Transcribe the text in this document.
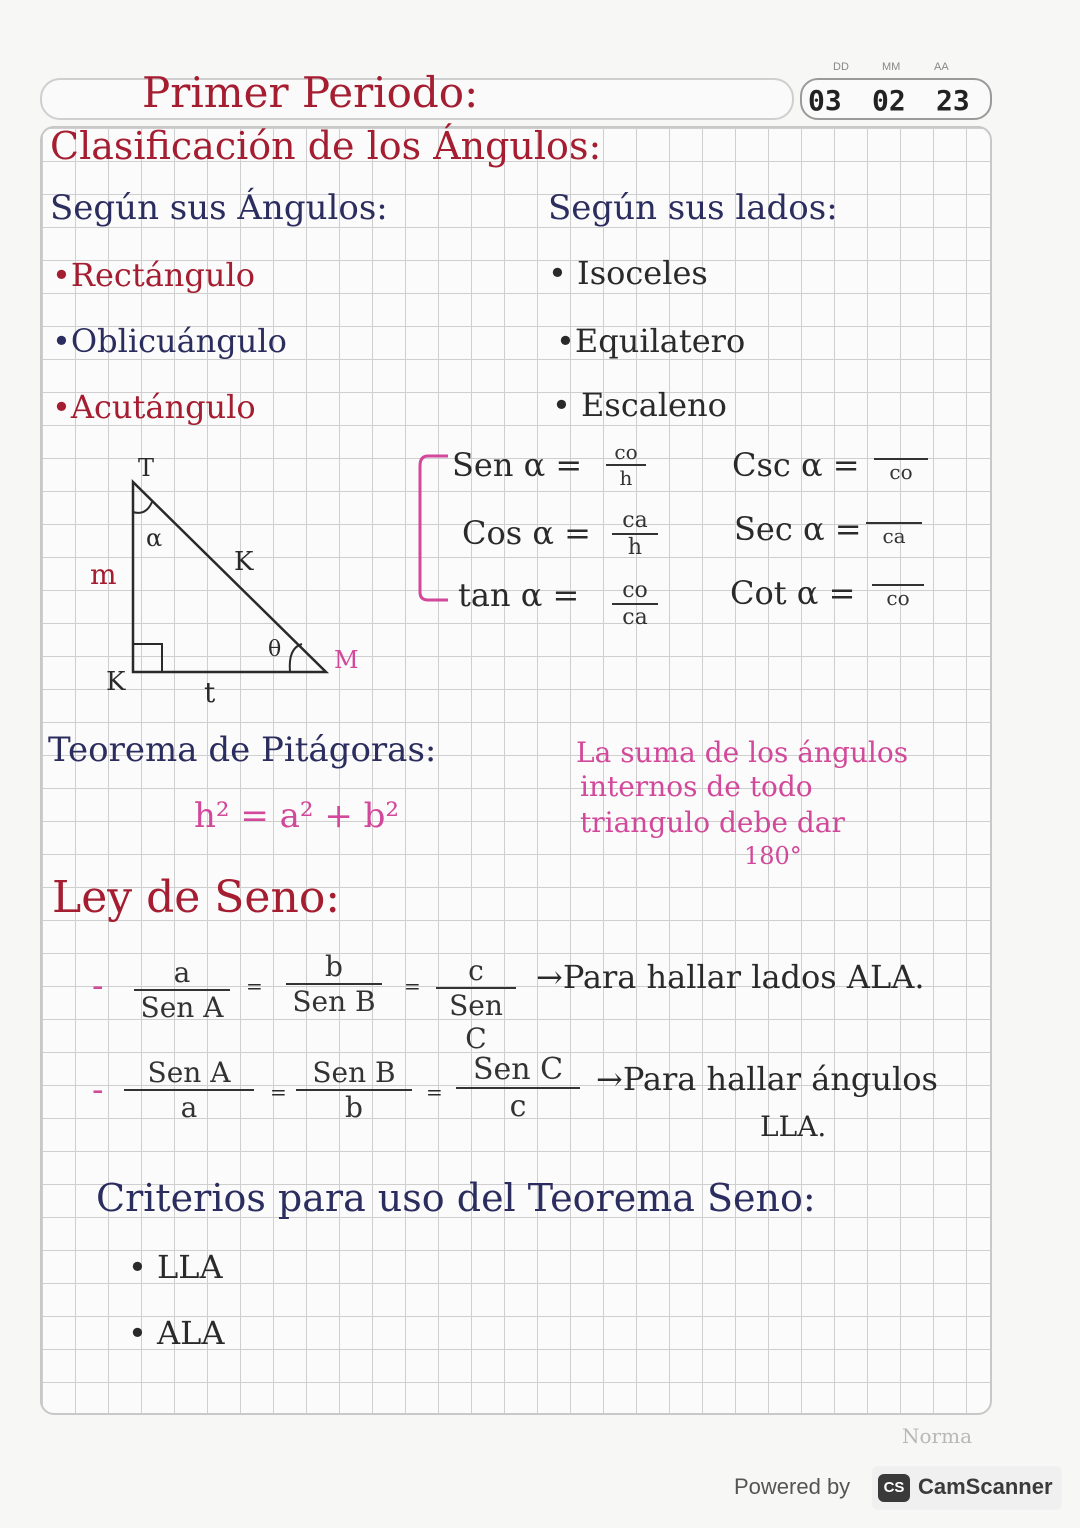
Primer Periodo:
DD	MM	AA
03 02 23
Clasificación de los Ángulos:
Según sus Ángulos:
•Rectángulo
•Oblicuángulo
•Acutángulo
Según sus lados:
• Isoceles
•Equilatero
• Escaleno
T
m
α
K
θ
K	t
M
Sen $\alpha = \frac{co}{h}$
Cos $\alpha = \frac{ca}{h}$
$\tan \alpha = \frac{co}{ca}$
Csc α =	co
Sec α =	ca
Cot α =	co
Teorema de Pitágoras:
h² = a² + b²
La suma de los ángulos
internos de todo
triangulo debe dar
180°
Ley de Seno:
-	a
Sen A
=
b
Sen B	=	c
Sen C
→Para hallar lados ALA.
-	Sen A
a	=
Sen B
b	=
Sen C
c
→Para hallar ángulos
LLA.
Criterios para uso del Teorema Seno:
• LLA
• ALA
Norma
Powered by	CS CamScanner
